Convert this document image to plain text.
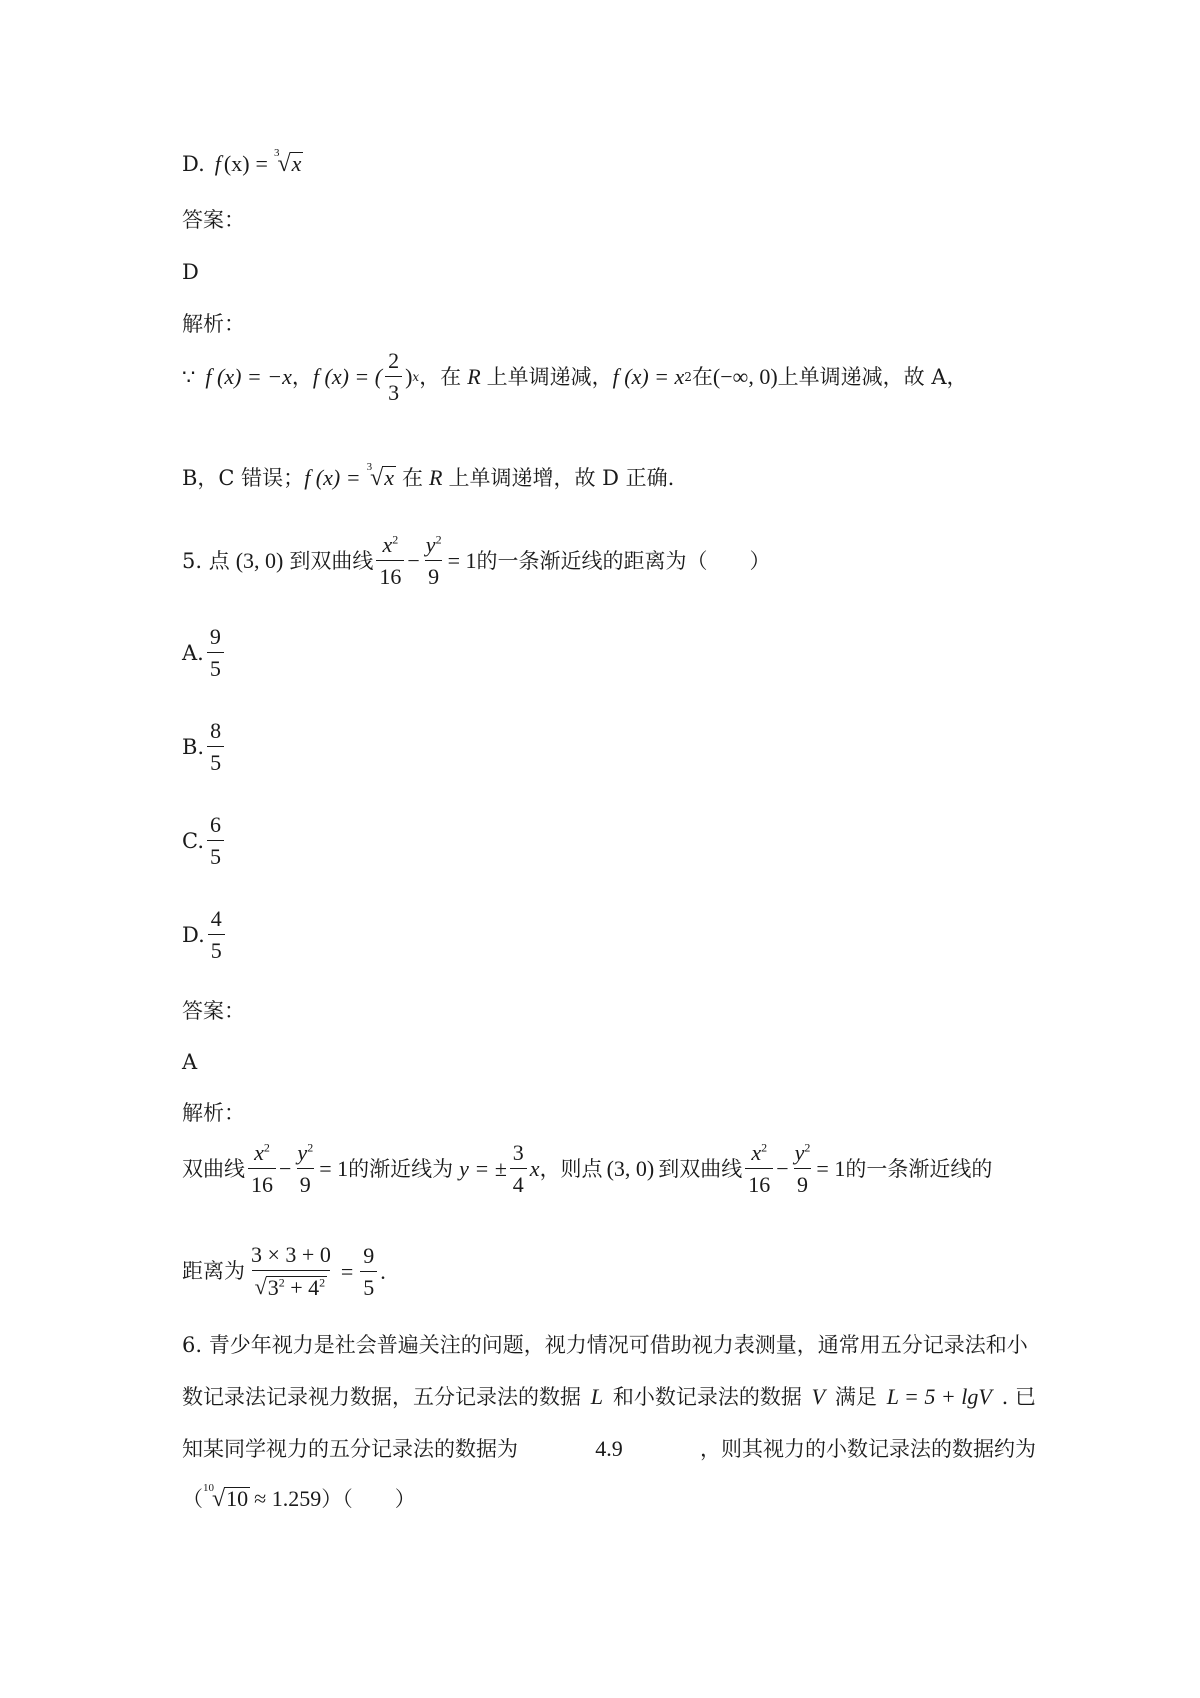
D. f (x) = 3
√ x
答案：
D
解析：
∵ f (x) = −x ， f (x) = ( $\frac{2}{3}$ ) x ，在 R 上单调递减， f (x) = x 2 在 (−∞, 0) 上单调递减，故 A，
B，C 错误； f (x) = 3
√ x 在 R 上单调递增，故 D 正确.
5. 点 (3, 0) 到双曲线 $\frac{x^2}{16} - \frac{y^2}{9} = 1$ 的一条渐近线的距离为（　　）
A. $\frac{9}{5}$
B. $\frac{8}{5}$
C. $\frac{6}{5}$
D. $\frac{4}{5}$
答案：
A
解析：
双曲线 $\frac{x^2}{16} - \frac{y^2}{9} = 1$ 的渐近线为 y = ± $\frac{3}{4}$ x ，则点 (3, 0) 到双曲线 $\frac{x^2}{16} - \frac{y^2}{9} = 1$ 的一条渐近线的
距离为 $\frac{3 \times 3 + 0}{√ 3^2 + 4^2} = \frac{9}{5}$ .
6. 青少年视力是社会普遍关注的问题，视力情况可借助视力表测量，通常用五分记录法和小
数记录法记录视力数据，五分记录法的数据 L 和小数记录法的数据 V 满足 L = 5 + lgV . 已
知某同学视力的五分记录法的数据为	4.9	，则其视力的小数记录法的数据约为
（ 10
√ 10 ≈ 1.259 ）（　　）
